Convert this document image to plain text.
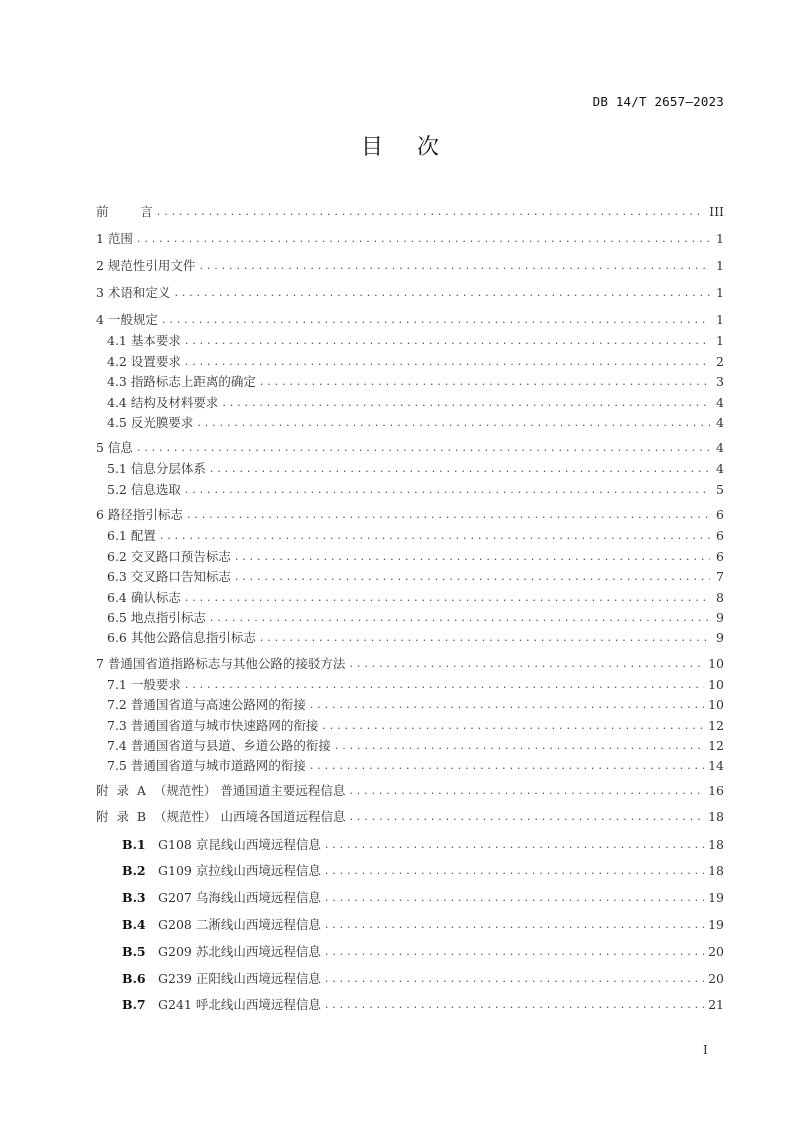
DB 14/T 2657—2023
目次
前        言 .....	III
1 范围 .....	1
2 规范性引用文件 .....	1
3 术语和定义 .....	1
4 一般规定 .....	1
4.1 基本要求 .....	1
4.2 设置要求 .....	2
4.3 指路标志上距离的确定 .....	3
4.4 结构及材料要求 .....	4
4.5 反光膜要求 .....	4
5 信息 .....	4
5.1 信息分层体系 .....	4
5.2 信息选取 .....	5
6 路径指引标志 .....	6
6.1 配置 .....	6
6.2 交叉路口预告标志 .....	6
6.3 交叉路口告知标志 .....	7
6.4 确认标志 .....	8
6.5 地点指引标志 .....	9
6.6 其他公路信息指引标志 .....	9
7 普通国省道指路标志与其他公路的接驳方法 .....	10
7.1 一般要求 .....	10
7.2 普通国省道与高速公路网的衔接 .....	10
7.3 普通国省道与城市快速路网的衔接 .....	12
7.4 普通国省道与县道、乡道公路的衔接 .....	12
7.5 普通国省道与城市道路网的衔接 .....	14
附  录  A  （规范性） 普通国道主要远程信息 .....	16
附  录  B  （规范性） 山西境各国道远程信息 .....	18
B.1 G108 京昆线山西境远程信息 .....	18
B.2 G109 京拉线山西境远程信息 .....	18
B.3 G207 乌海线山西境远程信息 .....	19
B.4 G208 二淅线山西境远程信息 .....	19
B.5 G209 苏北线山西境远程信息 .....	20
B.6 G239 正阳线山西境远程信息 .....	20
B.7 G241 呼北线山西境远程信息 .....	21
I
